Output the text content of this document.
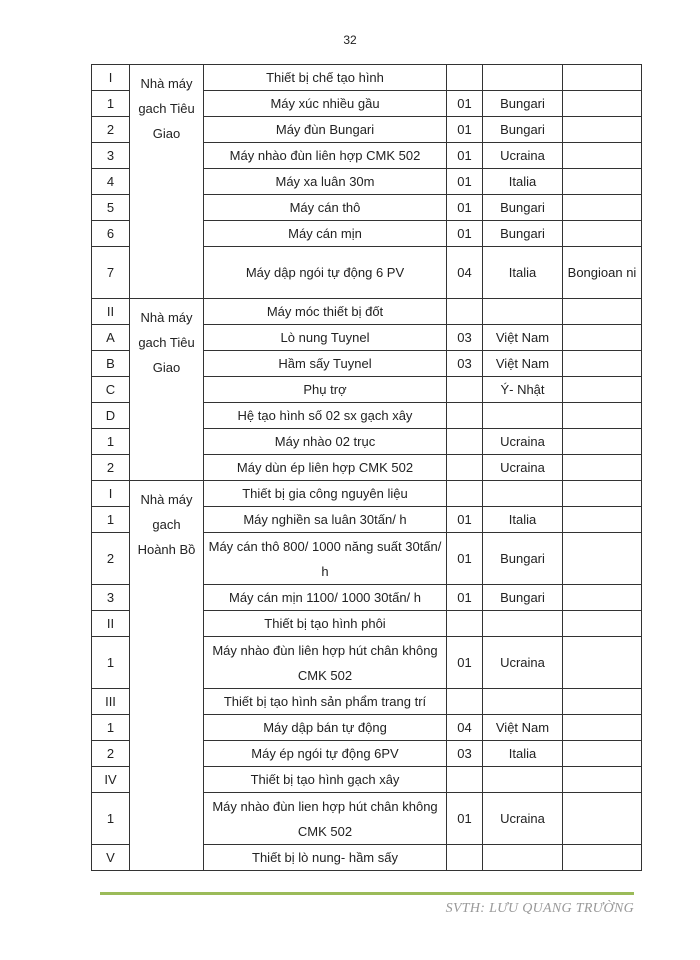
32
I	Nhà máy gach Tiêu Giao	Thiết bị chế tạo hình			
1		Máy xúc nhiều gầu	01	Bungari	
2		Máy đùn Bungari	01	Bungari	
3		Máy nhào đùn liên hợp CMK 502	01	Ucraina	
4		Máy xa luân 30m	01	Italia	
5		Máy cán thô	01	Bungari	
6		Máy cán mịn	01	Bungari	
7		Máy dập ngói tự động 6 PV	04	Italia	Bongioan ni
II	Nhà máy gach Tiêu Giao	Máy móc thiết bị đốt			
A		Lò nung Tuynel	03	Việt Nam	
B		Hầm sấy Tuynel	03	Việt Nam	
C		Phụ trợ		Ý- Nhật	
D		Hệ tạo hình số 02 sx gạch xây			
1		Máy nhào 02 trục		Ucraina	
2		Máy dùn ép liên hợp CMK 502		Ucraina	
I	Nhà máy gach Hoành Bồ	Thiết bị gia công nguyên liệu			
1		Máy nghiền sa luân 30tấn/ h	01	Italia	
2		Máy cán thô 800/ 1000 năng suất 30tấn/ h	01	Bungari	
3		Máy cán mịn 1100/ 1000 30tấn/ h	01	Bungari	
II		Thiết bị tạo hình phôi			
1		Máy nhào đùn liên hợp hút chân không CMK 502	01	Ucraina	
III		Thiết bị tạo hình sản phẩm trang trí			
1		Máy dập bán tự động	04	Việt Nam	
2		Máy ép ngói tự động 6PV	03	Italia	
IV		Thiết bị tạo hình gạch xây			
1		Máy nhào đùn lien hợp hút chân không CMK 502	01	Ucraina	
V		Thiết bị lò nung- hầm sấy			
SVTH: LƯU QUANG TRƯỜNG
